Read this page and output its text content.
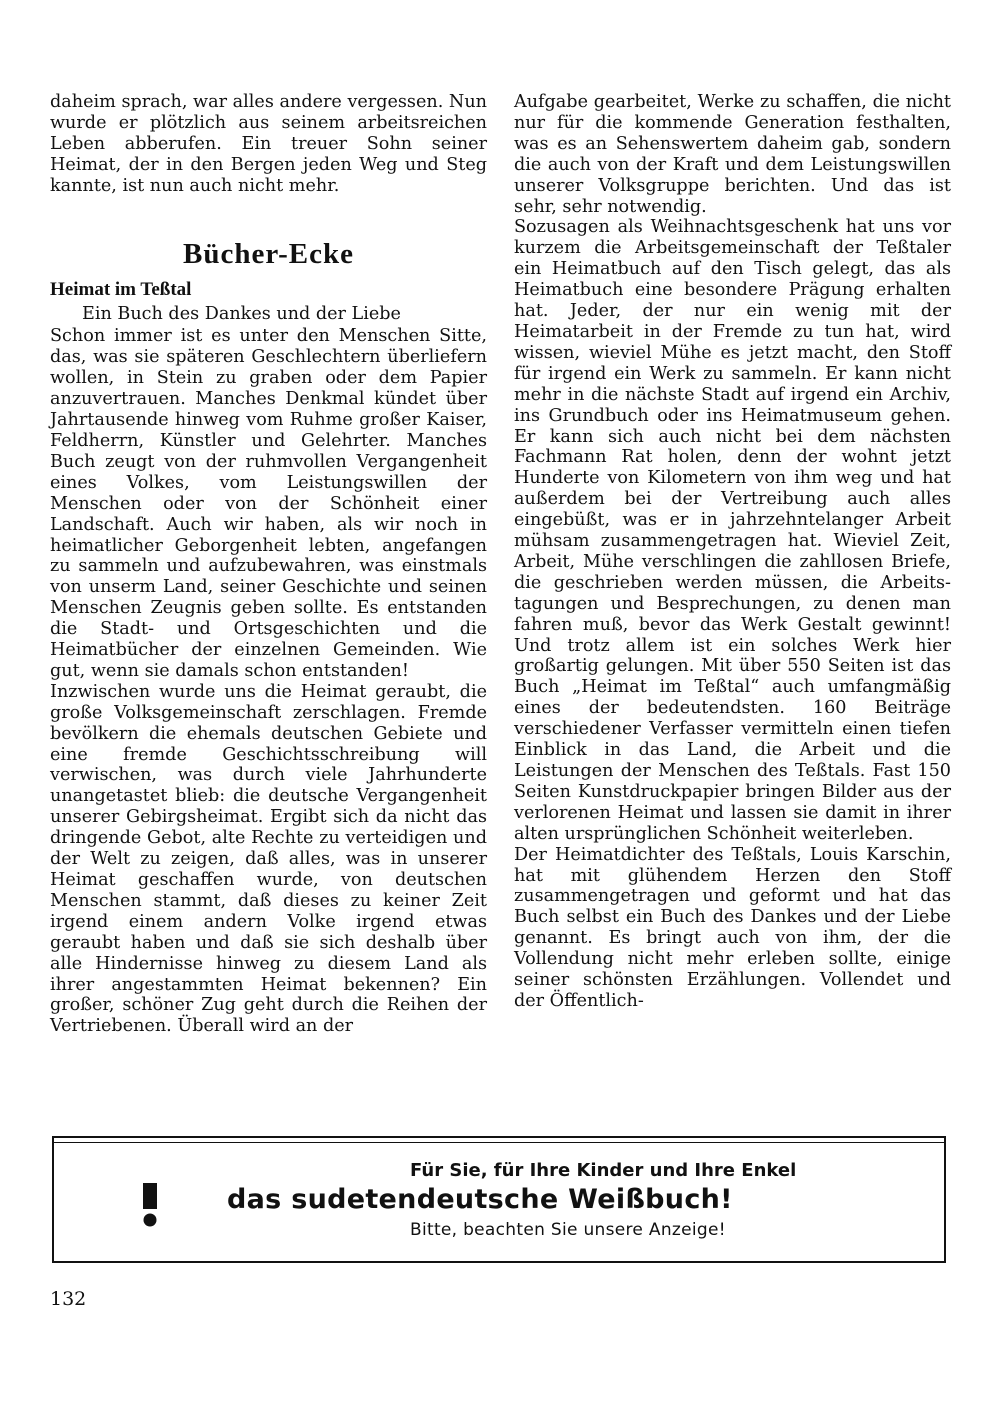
daheim sprach, war alles andere vergessen. Nun wurde er plötzlich aus seinem arbeitsreichen Leben abberufen. Ein treuer Sohn seiner Heimat, der in den Bergen jeden Weg und Steg kannte, ist nun auch nicht mehr.

Bücher-Ecke
Heimat im Teßtal
Ein Buch des Dankes und der Liebe

Schon immer ist es unter den Menschen Sitte, das, was sie späteren Geschlechtern überliefern wollen, in Stein zu graben oder dem Papier anzuvertrauen. Manches Denkmal kündet über Jahrtausende hinweg vom Ruhme großer Kaiser, Feldherrn, Künstler und Gelehrter. Manches Buch zeugt von der ruhmvollen Vergangenheit eines Volkes, vom Leistungswillen der Menschen oder von der Schönheit einer Landschaft. Auch wir haben, als wir noch in heimatlicher Geborgenheit lebten, angefangen zu sammeln und aufzubewahren, was einstmals von unserm Land, seiner Geschichte und seinen Menschen Zeugnis geben sollte. Es entstanden die Stadt- und Ortsgeschichten und die Heimatbücher der einzelnen Gemeinden. Wie gut, wenn sie damals schon entstanden!

Inzwischen wurde uns die Heimat geraubt, die große Volksgemeinschaft zerschlagen. Fremde bevölkern die ehemals deutschen Gebiete und eine fremde Geschichtsschreibung will verwischen, was durch viele Jahrhunderte unangetastet blieb: die deutsche Vergangenheit unserer Gebirgsheimat. Ergibt sich da nicht das dringende Gebot, alte Rechte zu verteidigen und der Welt zu zeigen, daß alles, was in unserer Heimat geschaffen wurde, von deutschen Menschen stammt, daß dieses zu keiner Zeit irgend einem andern Volke irgend etwas geraubt haben und daß sie sich deshalb über alle Hindernisse hinweg zu diesem Land als ihrer angestammten Heimat bekennen? Ein großer, schöner Zug geht durch die Reihen der Vertriebenen. Überall wird an der

Aufgabe gearbeitet, Werke zu schaffen, die nicht nur für die kommende Generation festhalten, was es an Sehenswertem daheim gab, sondern die auch von der Kraft und dem Leistungswillen unserer Volksgruppe berichten. Und das ist sehr, sehr notwendig.

Sozusagen als Weihnachtsgeschenk hat uns vor kurzem die Arbeitsgemeinschaft der Teßtaler ein Heimatbuch auf den Tisch gelegt, das als Heimatbuch eine besondere Prägung erhalten hat. Jeder, der nur ein wenig mit der Heimatarbeit in der Fremde zu tun hat, wird wissen, wieviel Mühe es jetzt macht, den Stoff für irgend ein Werk zu sammeln. Er kann nicht mehr in die nächste Stadt auf irgend ein Archiv, ins Grundbuch oder ins Heimatmuseum gehen. Er kann sich auch nicht bei dem nächsten Fachmann Rat holen, denn der wohnt jetzt Hunderte von Kilometern von ihm weg und hat außerdem bei der Vertreibung auch alles eingebüßt, was er in jahrzehntelanger Arbeit mühsam zusammengetragen hat. Wieviel Zeit, Arbeit, Mühe verschlingen die zahllosen Briefe, die geschrieben werden müssen, die Arbeitstagungen und Besprechungen, zu denen man fahren muß, bevor das Werk Gestalt gewinnt! Und trotz allem ist ein solches Werk hier großartig gelungen. Mit über 550 Seiten ist das Buch „Heimat im Teßtal“ auch umfangmäßig eines der bedeutendsten. 160 Beiträge verschiedener Verfasser vermitteln einen tiefen Einblick in das Land, die Arbeit und die Leistungen der Menschen des Teßtals. Fast 150 Seiten Kunstdruckpapier bringen Bilder aus der verlorenen Heimat und lassen sie damit in ihrer alten ursprünglichen Schönheit weiterleben.

Der Heimatdichter des Teßtals, Louis Karschin, hat mit glühendem Herzen den Stoff zusammengetragen und geformt und hat das Buch selbst ein Buch des Dankes und der Liebe genannt. Es bringt auch von ihm, der die Vollendung nicht mehr erleben sollte, einige seiner schönsten Erzählungen. Vollendet und der Öffentlich-

Für Sie, für Ihre Kinder und Ihre Enkel
das sudetendeutsche Weißbuch!
Bitte, beachten Sie unsere Anzeige!
132
